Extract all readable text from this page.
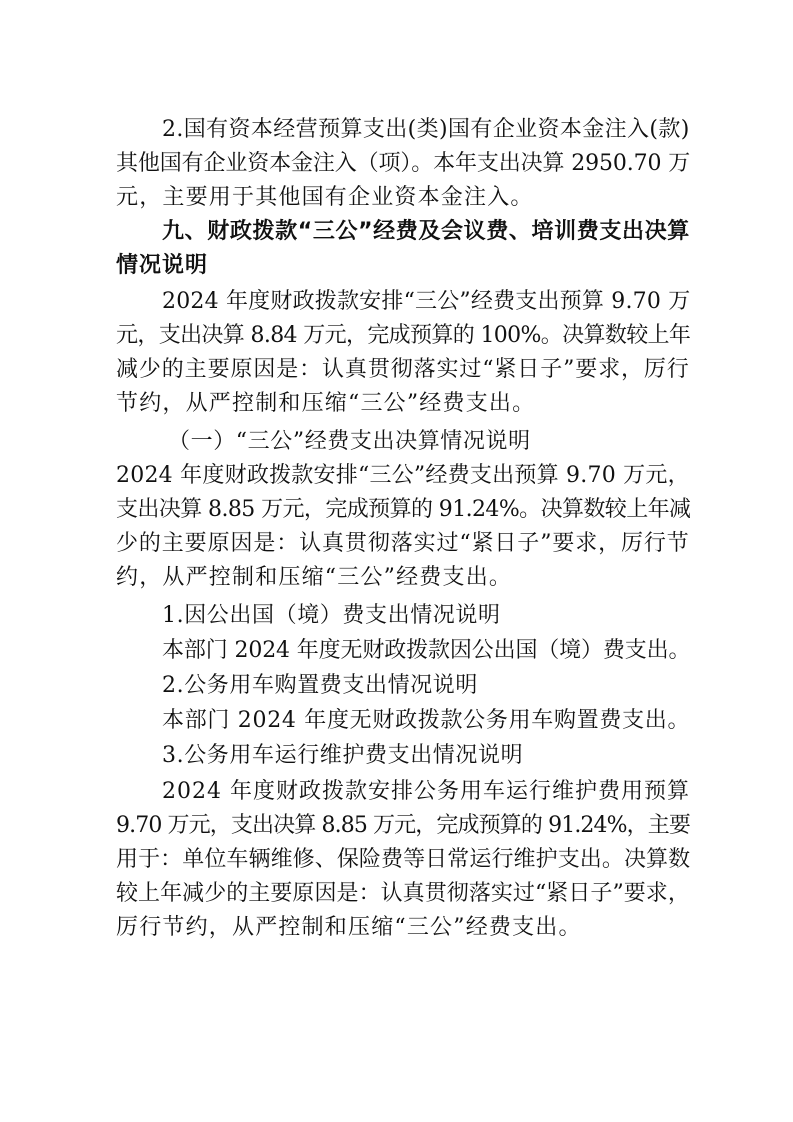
2.国有资本经营预算支出(类)国有企业资本金注入(款)
其他国有企业资本金注入（项）。本年支出决算 2950.70 万
元，主要用于其他国有企业资本金注入。
九、财政拨款“三公”经费及会议费、培训费支出决算
情况说明
2024 年度财政拨款安排“三公”经费支出预算 9.70 万
元，支出决算 8.84 万元，完成预算的 100%。决算数较上年
减少的主要原因是：认真贯彻落实过“紧日子”要求，厉行
节约，从严控制和压缩“三公”经费支出。
（一）“三公”经费支出决算情况说明
2024 年度财政拨款安排“三公”经费支出预算 9.70 万元，
支出决算 8.85 万元，完成预算的 91.24%。决算数较上年减
少的主要原因是：认真贯彻落实过“紧日子”要求，厉行节
约，从严控制和压缩“三公”经费支出。
1.因公出国（境）费支出情况说明
本部门 2024 年度无财政拨款因公出国（境）费支出。
2.公务用车购置费支出情况说明
本部门 2024 年度无财政拨款公务用车购置费支出。
3.公务用车运行维护费支出情况说明
2024 年度财政拨款安排公务用车运行维护费用预算
9.70 万元，支出决算 8.85 万元，完成预算的 91.24%，主要
用于：单位车辆维修、保险费等日常运行维护支出。决算数
较上年减少的主要原因是：认真贯彻落实过“紧日子”要求，
厉行节约，从严控制和压缩“三公”经费支出。
